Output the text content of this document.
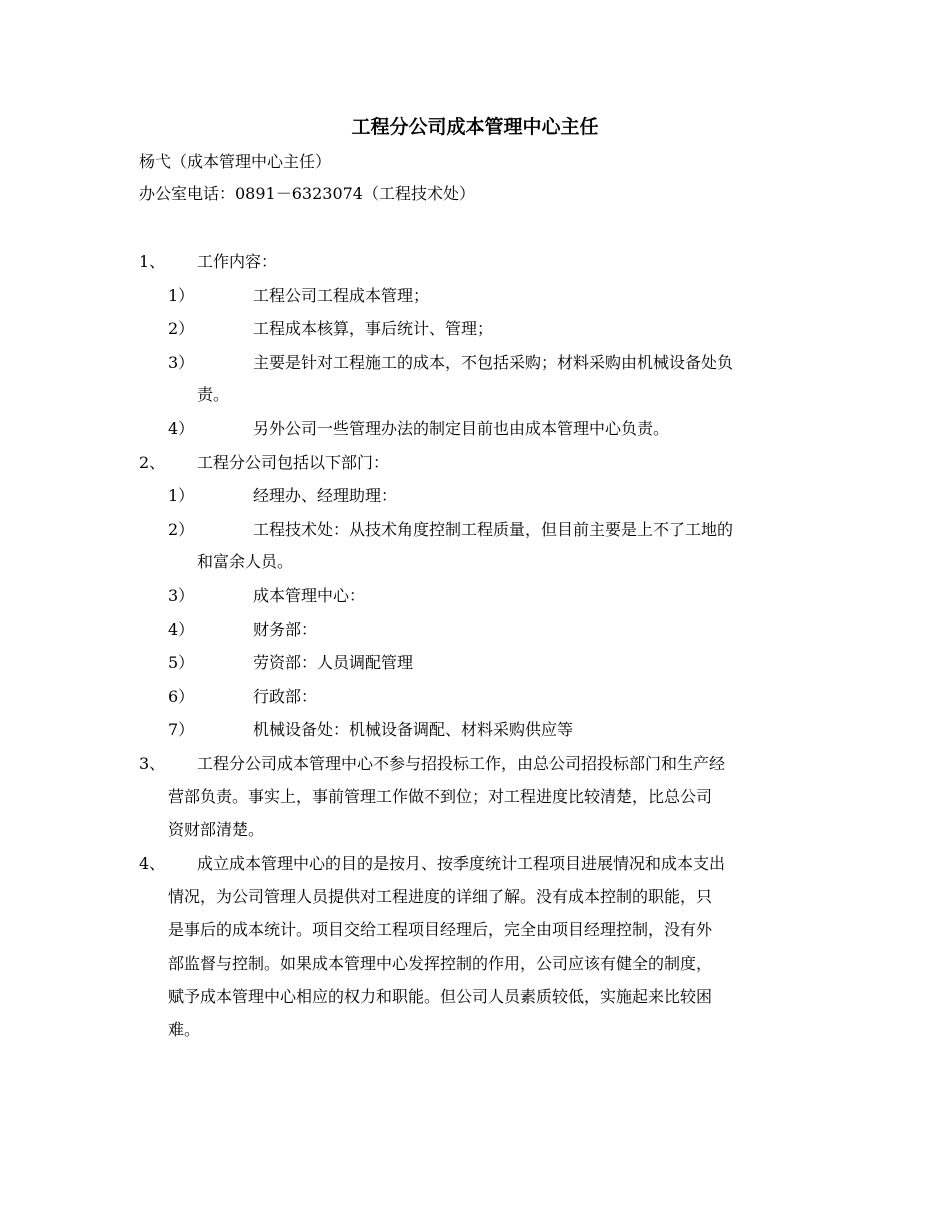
工程分公司成本管理中心主任
杨弋（成本管理中心主任）
办公室电话：0891－6323074（工程技术处）
1、 工作内容：
1）	工程公司工程成本管理；
2）	工程成本核算，事后统计、管理；
3）	主要是针对工程施工的成本，不包括采购；材料采购由机械设备处负
责。
4）	另外公司一些管理办法的制定目前也由成本管理中心负责。
2、 工程分公司包括以下部门：
1）	经理办、经理助理：
2）	工程技术处：从技术角度控制工程质量，但目前主要是上不了工地的
和富余人员。
3）	成本管理中心：
4）	财务部：
5）	劳资部：人员调配管理
6）	行政部：
7）	机械设备处：机械设备调配、材料采购供应等
3、 工程分公司成本管理中心不参与招投标工作，由总公司招投标部门和生产经
营部负责。事实上，事前管理工作做不到位；对工程进度比较清楚，比总公司
资财部清楚。
4、 成立成本管理中心的目的是按月、按季度统计工程项目进展情况和成本支出
情况，为公司管理人员提供对工程进度的详细了解。没有成本控制的职能，只
是事后的成本统计。项目交给工程项目经理后，完全由项目经理控制，没有外
部监督与控制。如果成本管理中心发挥控制的作用，公司应该有健全的制度，
赋予成本管理中心相应的权力和职能。但公司人员素质较低，实施起来比较困
难。
